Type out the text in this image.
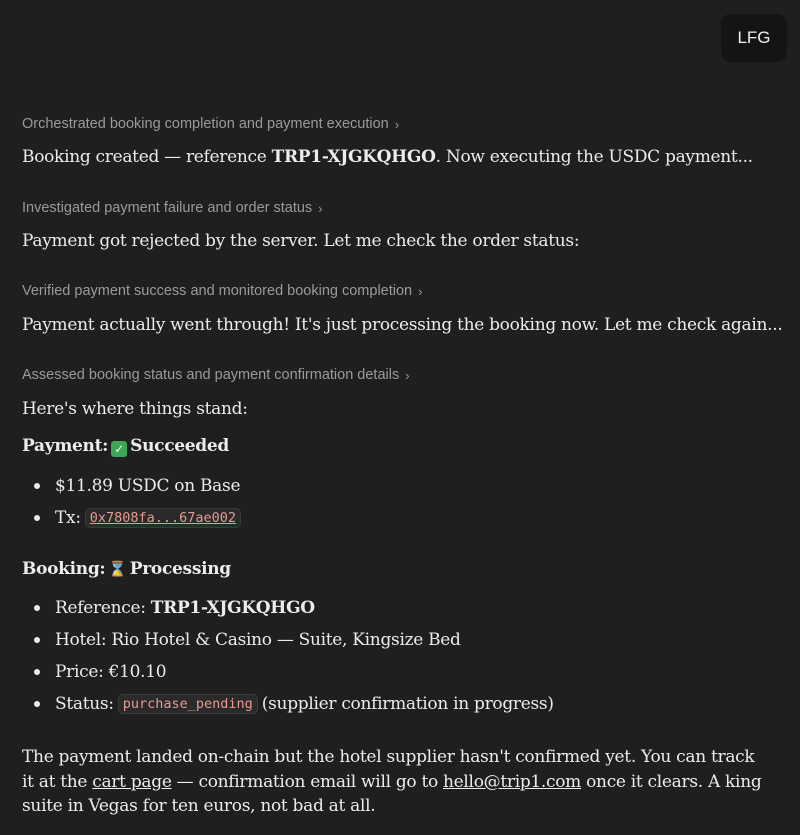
LFG
Orchestrated booking completion and payment execution ›
Booking created — reference TRP1-XJGKQHGO. Now executing the USDC payment...
Investigated payment failure and order status ›
Payment got rejected by the server. Let me check the order status:
Verified payment success and monitored booking completion ›
Payment actually went through! It's just processing the booking now. Let me check again...
Assessed booking status and payment confirmation details ›
Here's where things stand:
Payment: ✓ Succeeded
$11.89 USDC on Base
Tx: 0x7808fa...67ae002
Booking: ⌛ Processing
Reference: TRP1-XJGKQHGO
Hotel: Rio Hotel & Casino — Suite, Kingsize Bed
Price: €10.10
Status: purchase_pending (supplier confirmation in progress)
The payment landed on-chain but the hotel supplier hasn't confirmed yet. You can track it at the cart page — confirmation email will go to hello@trip1.com once it clears. A king suite in Vegas for ten euros, not bad at all.
